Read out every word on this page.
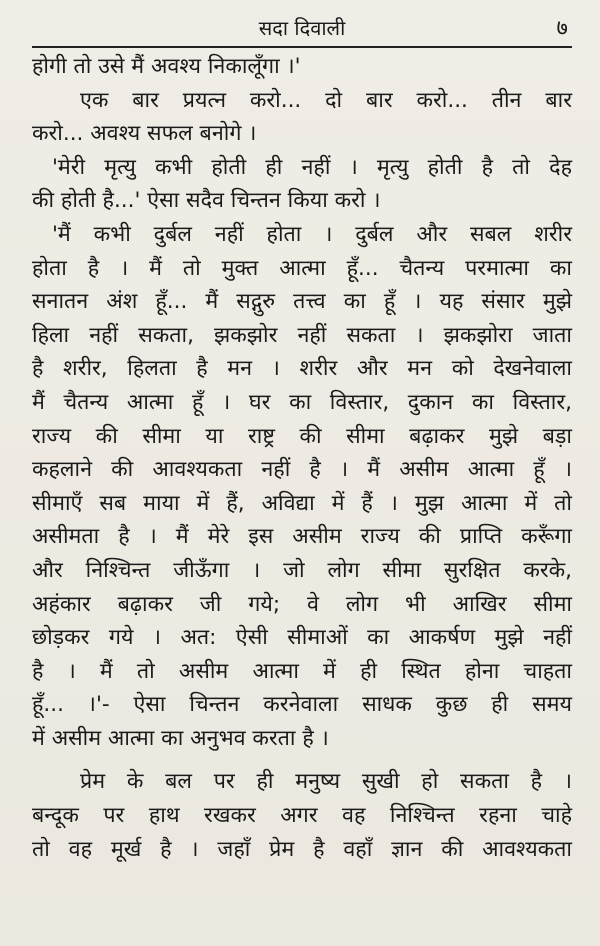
सदा दिवाली	७
होगी तो उसे मैं अवश्य निकालूँगा ।'
एक बार प्रयत्न करो... दो बार करो... तीन बार
करो... अवश्य सफल बनोगे ।
'मेरी मृत्यु कभी होती ही नहीं । मृत्यु होती है तो देह
की होती है...' ऐसा सदैव चिन्तन किया करो ।
'मैं कभी दुर्बल नहीं होता । दुर्बल और सबल शरीर
होता है । मैं तो मुक्त आत्मा हूँ... चैतन्य परमात्मा का
सनातन अंश हूँ... मैं सद्गुरु तत्त्व का हूँ । यह संसार मुझे
हिला नहीं सकता, झकझोर नहीं सकता । झकझोरा जाता
है शरीर, हिलता है मन । शरीर और मन को देखनेवाला
मैं चैतन्य आत्मा हूँ । घर का विस्तार, दुकान का विस्तार,
राज्य की सीमा या राष्ट्र की सीमा बढ़ाकर मुझे बड़ा
कहलाने की आवश्यकता नहीं है । मैं असीम आत्मा हूँ ।
सीमाएँ सब माया में हैं, अविद्या में हैं । मुझ आत्मा में तो
असीमता है । मैं मेरे इस असीम राज्य की प्राप्ति करूँगा
और निश्चिन्त जीऊँगा । जो लोग सीमा सुरक्षित करके,
अहंकार बढ़ाकर जी गये; वे लोग भी आखिर सीमा
छोड़कर गये । अत: ऐसी सीमाओं का आकर्षण मुझे नहीं
है । मैं तो असीम आत्मा में ही स्थित होना चाहता
हूँ... ।'- ऐसा चिन्तन करनेवाला साधक कुछ ही समय
में असीम आत्मा का अनुभव करता है ।
प्रेम के बल पर ही मनुष्य सुखी हो सकता है ।
बन्दूक पर हाथ रखकर अगर वह निश्चिन्त रहना चाहे
तो वह मूर्ख है । जहाँ प्रेम है वहाँ ज्ञान की आवश्यकता
